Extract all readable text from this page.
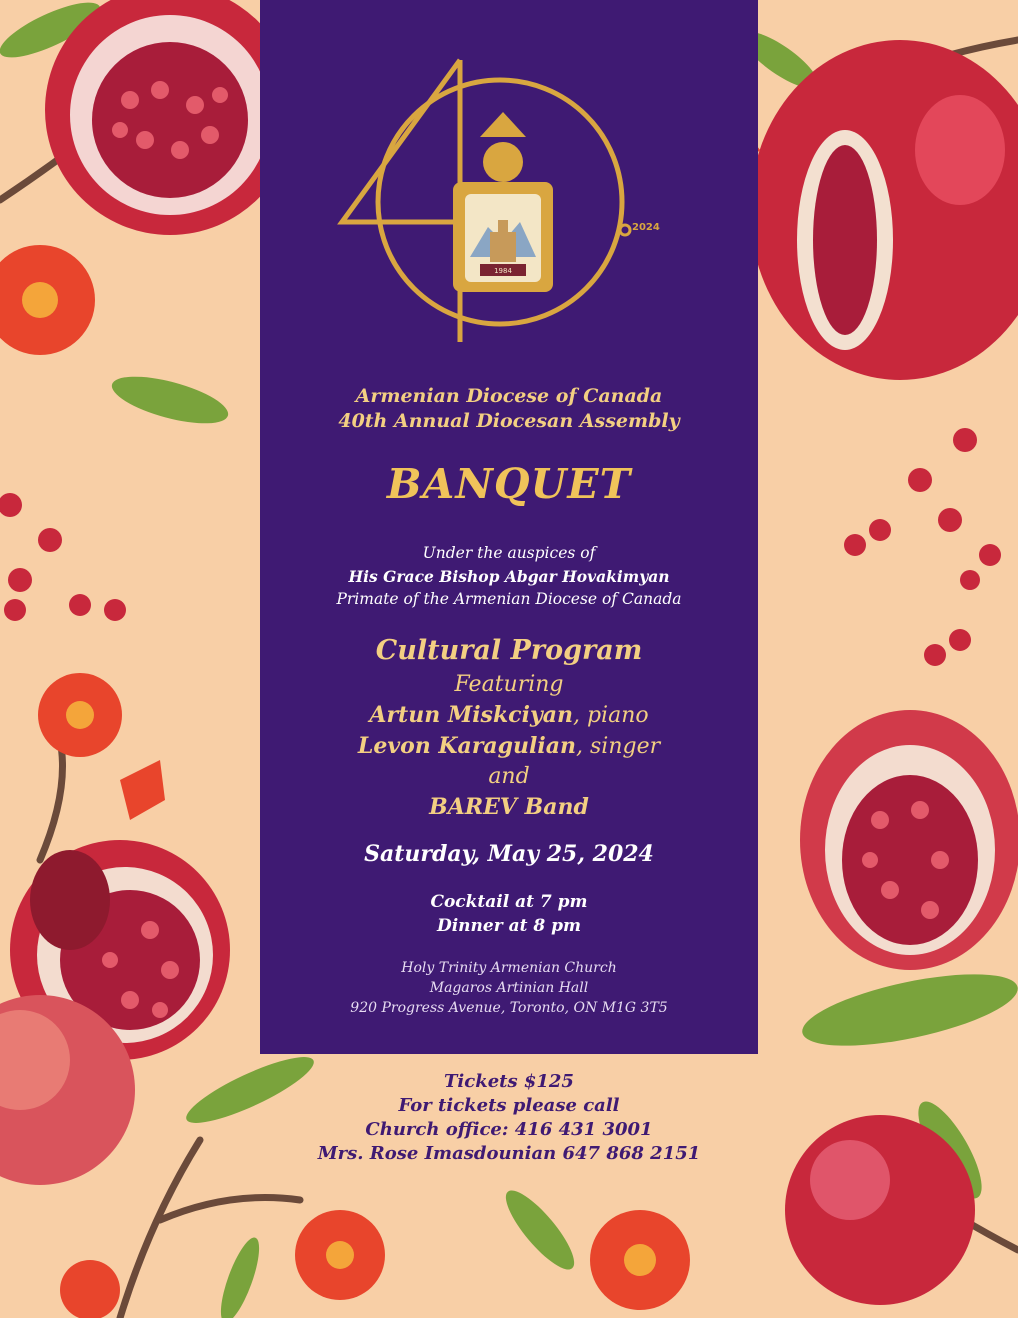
1984
2024
Armenian Diocese of Canada
40th Annual Diocesan Assembly
BANQUET
Under the auspices of
His Grace Bishop Abgar Hovakimyan
Primate of the Armenian Diocese of Canada
Cultural Program
Featuring
Artun Miskciyan, piano
Levon Karagulian, singer
and
BAREV Band
Saturday, May 25, 2024
Cocktail at 7 pm
Dinner at 8 pm
Holy Trinity Armenian Church
Magaros Artinian Hall
920 Progress Avenue, Toronto, ON M1G 3T5
Tickets $125
For tickets please call
Church office: 416 431 3001
Mrs. Rose Imasdounian 647 868 2151
